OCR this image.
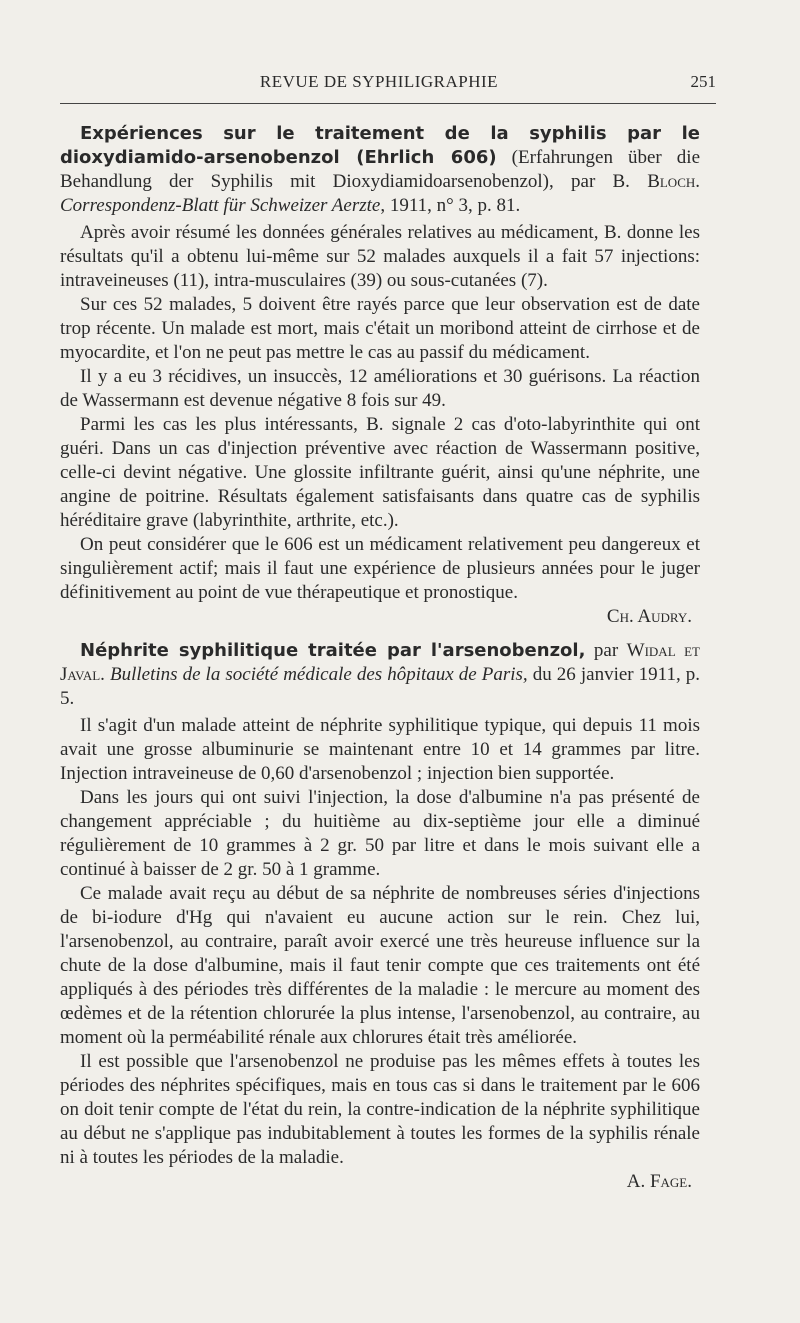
REVUE DE SYPHILIGRAPHIE	251
Expériences sur le traitement de la syphilis par le dioxydiamido-arsenobenzol (Ehrlich 606) (Erfahrungen über die Behandlung der Syphilis mit Dioxydiamidoarsenobenzol), par B. Bloch. Correspondenz-Blatt für Schweizer Aerzte, 1911, n° 3, p. 81.

Après avoir résumé les données générales relatives au médicament, B. donne les résultats qu'il a obtenu lui-même sur 52 malades auxquels il a fait 57 injections: intraveineuses (11), intra-musculaires (39) ou sous-cutanées (7).

Sur ces 52 malades, 5 doivent être rayés parce que leur observation est de date trop récente. Un malade est mort, mais c'était un moribond atteint de cirrhose et de myocardite, et l'on ne peut pas mettre le cas au passif du médicament.

Il y a eu 3 récidives, un insuccès, 12 améliorations et 30 guérisons. La réaction de Wassermann est devenue négative 8 fois sur 49.

Parmi les cas les plus intéressants, B. signale 2 cas d'oto-labyrinthite qui ont guéri. Dans un cas d'injection préventive avec réaction de Wassermann positive, celle-ci devint négative. Une glossite infiltrante guérit, ainsi qu'une néphrite, une angine de poitrine. Résultats également satisfaisants dans quatre cas de syphilis héréditaire grave (labyrinthite, arthrite, etc.).

On peut considérer que le 606 est un médicament relativement peu dangereux et singulièrement actif; mais il faut une expérience de plusieurs années pour le juger définitivement au point de vue thérapeutique et pronostique.

Ch. Audry.
Néphrite syphilitique traitée par l'arsenobenzol, par Widal et Javal. Bulletins de la société médicale des hôpitaux de Paris, du 26 janvier 1911, p. 5.

Il s'agit d'un malade atteint de néphrite syphilitique typique, qui depuis 11 mois avait une grosse albuminurie se maintenant entre 10 et 14 grammes par litre. Injection intraveineuse de 0,60 d'arsenobenzol ; injection bien supportée.

Dans les jours qui ont suivi l'injection, la dose d'albumine n'a pas présenté de changement appréciable ; du huitième au dix-septième jour elle a diminué régulièrement de 10 grammes à 2 gr. 50 par litre et dans le mois suivant elle a continué à baisser de 2 gr. 50 à 1 gramme.

Ce malade avait reçu au début de sa néphrite de nombreuses séries d'injections de bi-iodure d'Hg qui n'avaient eu aucune action sur le rein. Chez lui, l'arsenobenzol, au contraire, paraît avoir exercé une très heureuse influence sur la chute de la dose d'albumine, mais il faut tenir compte que ces traitements ont été appliqués à des périodes très différentes de la maladie : le mercure au moment des œdèmes et de la rétention chlorurée la plus intense, l'arsenobenzol, au contraire, au moment où la perméabilité rénale aux chlorures était très améliorée.

Il est possible que l'arsenobenzol ne produise pas les mêmes effets à toutes les périodes des néphrites spécifiques, mais en tous cas si dans le traitement par le 606 on doit tenir compte de l'état du rein, la contre-indication de la néphrite syphilitique au début ne s'applique pas indubitablement à toutes les formes de la syphilis rénale ni à toutes les périodes de la maladie.

A. Fage.
